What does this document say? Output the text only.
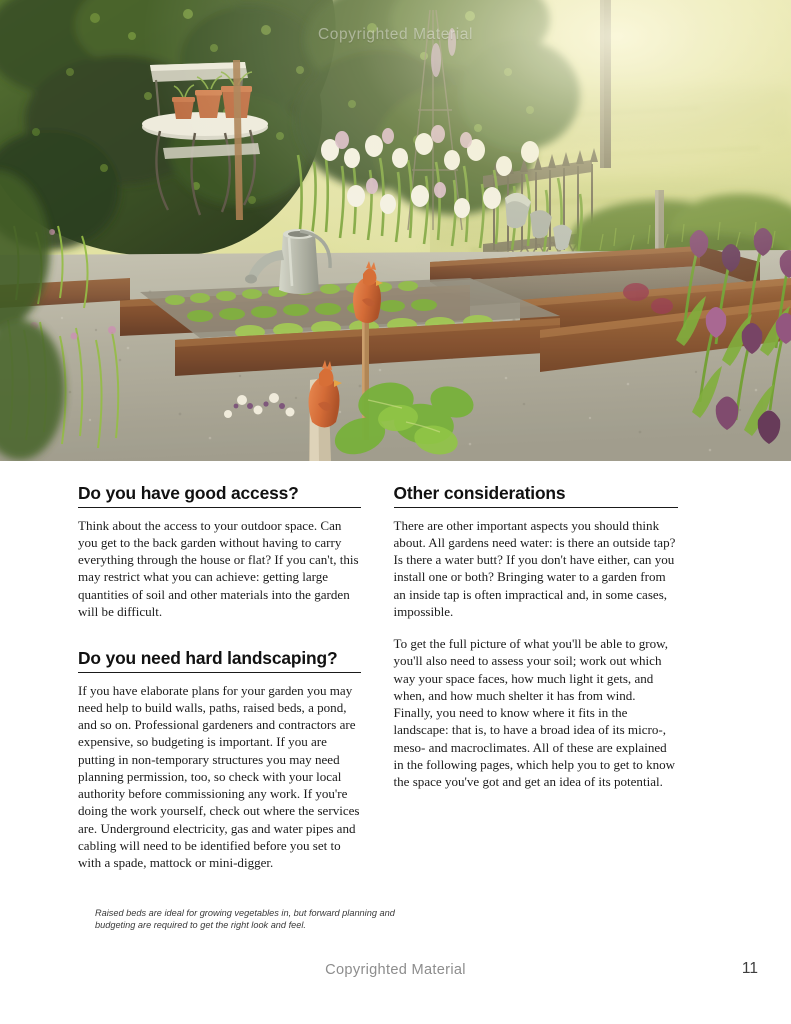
Copyrighted Material
Do you have good access?

Think about the access to your outdoor space. Can you get to the back garden without having to carry everything through the house or flat? If you can't, this may restrict what you can achieve: getting large quantities of soil and other materials into the garden will be difficult.

Do you need hard landscaping?

If you have elaborate plans for your garden you may need help to build walls, paths, raised beds, a pond, and so on. Professional gardeners and contractors are expensive, so budgeting is important. If you are putting in non-temporary structures you may need planning permission, too, so check with your local authority before commissioning any work. If you're doing the work yourself, check out where the services are. Underground electricity, gas and water pipes and cabling will need to be identified before you set to with a spade, mattock or mini-digger.

Other considerations

There are other important aspects you should think about. All gardens need water: is there an outside tap? Is there a water butt? If you don't have either, can you install one or both? Bringing water to a garden from an inside tap is often impractical and, in some cases, impossible.

To get the full picture of what you'll be able to grow, you'll also need to assess your soil; work out which way your space faces, how much light it gets, and when, and how much shelter it has from wind. Finally, you need to know where it fits in the landscape: that is, to have a broad idea of its micro-, meso- and macroclimates. All of these are explained in the following pages, which help you to get to know the space you've got and get an idea of its potential.

Raised beds are ideal for growing vegetables in, but forward planning and budgeting are required to get the right look and feel.
Copyrighted Material	11
